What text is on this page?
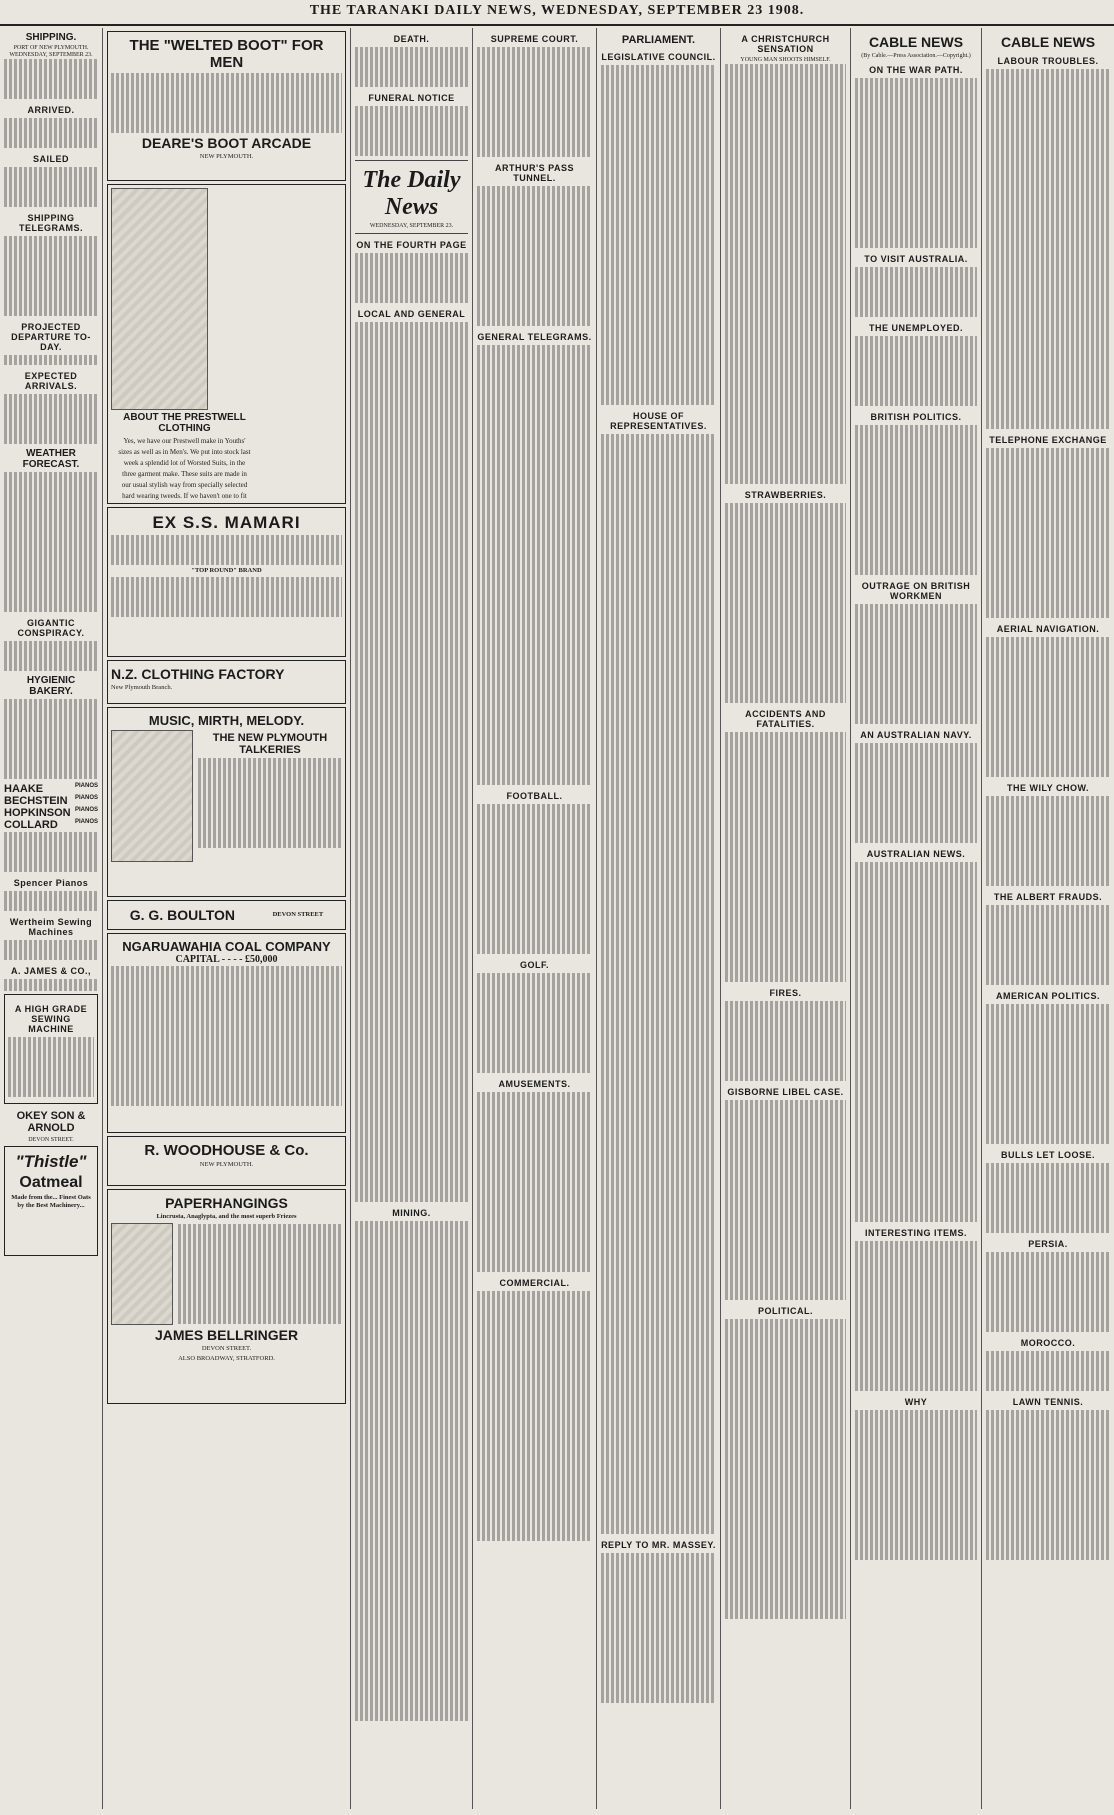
THE TARANAKI DAILY NEWS, WEDNESDAY, SEPTEMBER 23 1908.
SHIPPING.
PORT OF NEW PLYMOUTH.
WEDNESDAY, SEPTEMBER 23.
ARRIVED.
SAILED
SHIPPING TELEGRAMS.
PROJECTED DEPARTURE TO-DAY.
EXPECTED ARRIVALS.
WEATHER FORECAST.
GIGANTIC CONSPIRACY.
HYGIENIC BAKERY.
HAAKE	PIANOS
BECHSTEIN PIANOS
HOPKINSON PIANOS
COLLARD	PIANOS
Spencer Pianos
Wertheim Sewing Machines
A. JAMES & CO.,
A HIGH GRADE SEWING MACHINE
OKEY SON & ARNOLD
DEVON STREET.
"Thistle"
Oatmeal
Made from the... Finest Oats by the Best Machinery...
THE "WELTED BOOT" FOR MEN
DEARE'S BOOT ARCADE
NEW PLYMOUTH.
ABOUT THE PRESTWELL CLOTHING
Yes, we have our Prestwell make in Youths' sizes as well as in Men's. We put into stock last week a splendid lot of Worsted Suits, in the three garment make. These suits are made in our usual stylish way from specially selected hard wearing tweeds. If we haven't one to fit
EX S.S. MAMARI
"TOP ROUND" BRAND
N.Z. CLOTHING FACTORY
New Plymouth Branch.
MUSIC, MIRTH, MELODY.
THE NEW PLYMOUTH TALKERIES
G. G. BOULTON	DEVON STREET
NGARUAWAHIA COAL COMPANY
CAPITAL - - - - £50,000
R. WOODHOUSE & Co.
NEW PLYMOUTH.
PAPERHANGINGS
Lincrusta, Anaglypta, and the most superb Friezes
JAMES BELLRINGER
DEVON STREET.
ALSO BROADWAY, STRATFORD.
DEATH.
FUNERAL NOTICE
The Daily News
WEDNESDAY, SEPTEMBER 23.
ON THE FOURTH PAGE
LOCAL AND GENERAL
MINING.
SUPREME COURT.
ARTHUR'S PASS TUNNEL.
GENERAL TELEGRAMS.
FOOTBALL.
GOLF.
AMUSEMENTS.
COMMERCIAL.
PARLIAMENT.
LEGISLATIVE COUNCIL.
HOUSE OF REPRESENTATIVES.
REPLY TO MR. MASSEY.
A CHRISTCHURCH SENSATION
YOUNG MAN SHOOTS HIMSELF.
STRAWBERRIES.
ACCIDENTS AND FATALITIES.
FIRES.
GISBORNE LIBEL CASE.
POLITICAL.
CABLE NEWS
(By Cable.—Press Association.—Copyright.)
ON THE WAR PATH.
TO VISIT AUSTRALIA.
THE UNEMPLOYED.
BRITISH POLITICS.
OUTRAGE ON BRITISH WORKMEN
AN AUSTRALIAN NAVY.
AUSTRALIAN NEWS.
INTERESTING ITEMS.
WHY
CABLE NEWS
LABOUR TROUBLES.
TELEPHONE EXCHANGE
AERIAL NAVIGATION.
THE WILY CHOW.
THE ALBERT FRAUDS.
AMERICAN POLITICS.
BULLS LET LOOSE.
PERSIA.
MOROCCO.
LAWN TENNIS.
